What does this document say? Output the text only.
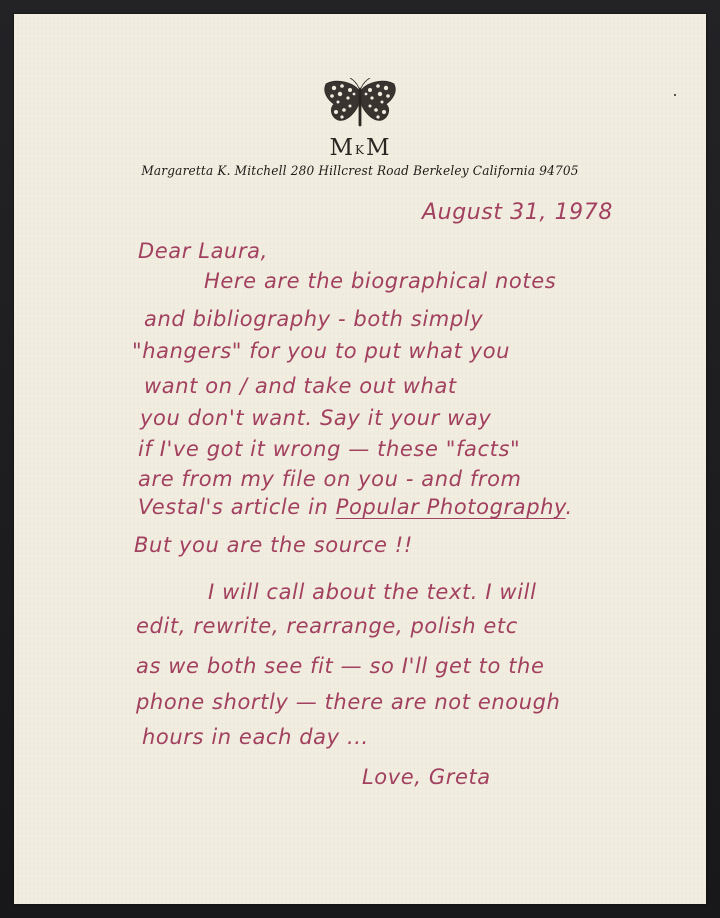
$M^KM$
Margaretta K. Mitchell 280 Hillcrest Road Berkeley California 94705
August 31, 1978
Dear Laura,
Here are the biographical notes
and bibliography - both simply
"hangers" for you to put what you
want on / and take out what
you don't want. Say it your way
if I've got it wrong — these "facts"
are from my file on you - and from
Vestal's article in Popular Photography.
But you are the source !!
I will call about the text. I will
edit, rewrite, rearrange, polish etc
as we both see fit — so I'll get to the
phone shortly — there are not enough
hours in each day ...
Love, Greta
